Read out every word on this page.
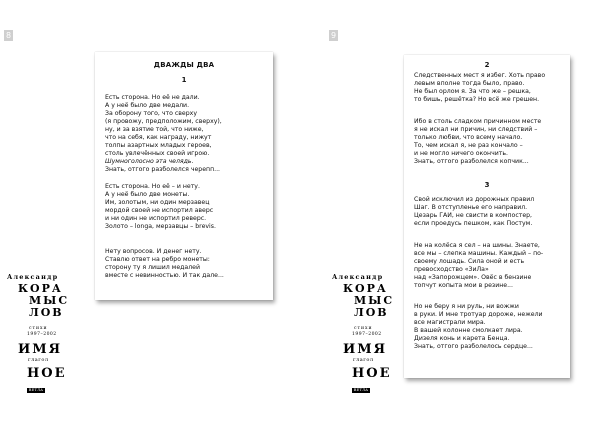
8
ДВАЖДЫ ДВА
1
Есть сторона. Но её не дали.
А у неё было две медали.
За оборону того, что сверху
(я провожу, предположим, сверху),
ну, и за взятие той, что ниже,
что на себя, как награду, нижут
толпы азартных младых героев,
столь увлечённых своей игрою.
Шумноголосно эта челядь.
Знать, отгого разболелся черепп...
Есть сторона. Но её – и нету.
А у неё было две монеты.
Им, золотым, ни один мерзавец
мордой своей не испортил аверс
и ни один не испортил реверс.
Золото – longa, мерзавцы – brevis.
Нету вопросов. И денег нету.
Ставлю ответ на ребро монеты:
сторону ту я лишил медалей
вместе с невинностью. И так дале...
Александр
КОРА
МЫС
ЛОВ
стихи
1997–2002
ИМЯ
глагол
НОЕ
ВЕТЛА
9
2
Следственных мест я избег. Хоть право
левым вполне тогда было, право.
Не был орлом я. За что же – решка,
то бишь, решётка? Но всё же грешен.
Ибо в столь сладком причинном месте
я не искал ни причин, ни следствий –
только любви, что всему начало.
То, чем искал я, не раз кончало –
и не могло ничего окончить.
Знать, отгого разболелся копчик...
3
Свой исключил из дорожных правил
Шаг. В отступленье его направил.
Цезарь ГАИ, не свисти в компостер,
если проедусь пешком, как Постум.
Не на колёса я сел – на шины. Знаете,
все мы – слепка машины. Каждый – по-
своему лошадь. Сила оной и есть
превосходство «ЗиЛа»
над «Запорожцем». Овёс в бензине
топчут копыта мои в резине...
Но не беру я ни руль, ни вожжи
в руки. И мне тротуар дорожe, нежели
все магистрали мира.
В вашей колонне смолкает лира.
Дизеля конь и карета Бенца.
Знать, отгого разболелось сердце...
Александр
КОРА
МЫС
ЛОВ
стихи
1997–2002
ИМЯ
глагол
НОЕ
ВЕТЛА
